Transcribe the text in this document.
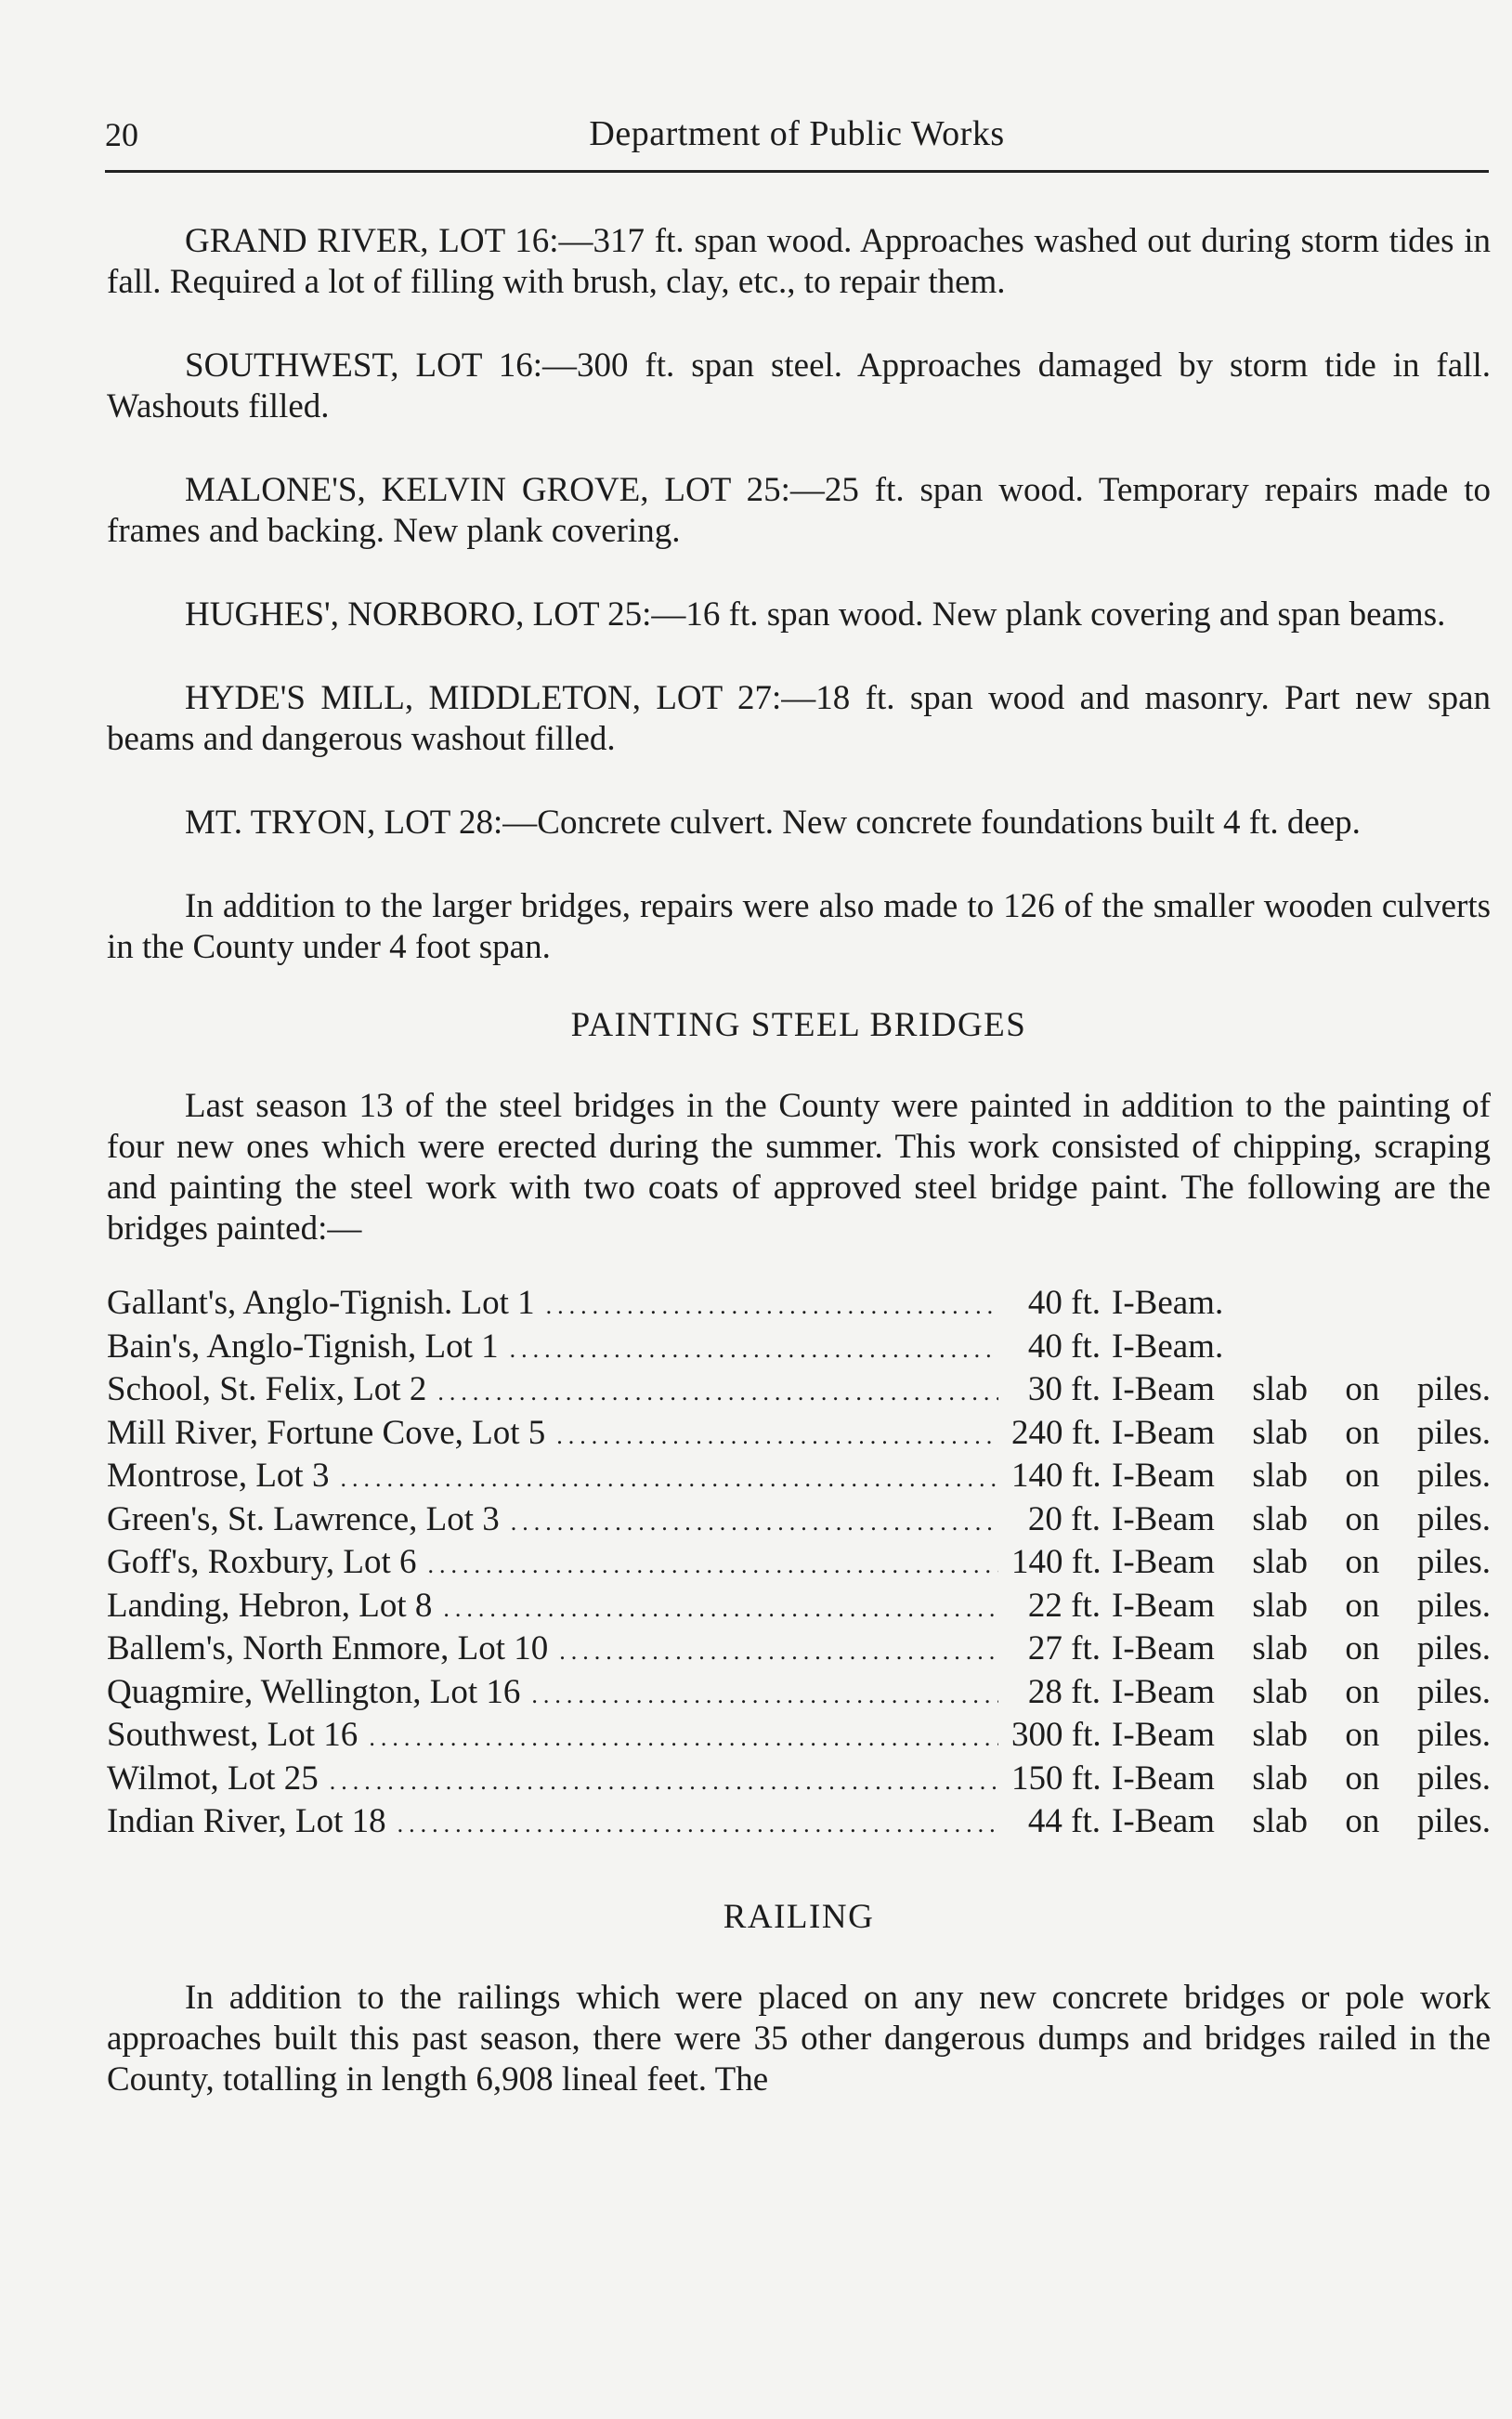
20	Department of Public Works

GRAND RIVER, LOT 16:—317 ft. span wood. Approaches washed out during storm tides in fall. Required a lot of filling with brush, clay, etc., to repair them.

SOUTHWEST, LOT 16:—300 ft. span steel. Approaches damaged by storm tide in fall. Washouts filled.

MALONE'S, KELVIN GROVE, LOT 25:—25 ft. span wood. Temporary repairs made to frames and backing. New plank covering.

HUGHES', NORBORO, LOT 25:—16 ft. span wood. New plank covering and span beams.

HYDE'S MILL, MIDDLETON, LOT 27:—18 ft. span wood and masonry. Part new span beams and dangerous washout filled.

MT. TRYON, LOT 28:—Concrete culvert. New concrete foundations built 4 ft. deep.

In addition to the larger bridges, repairs were also made to 126 of the smaller wooden culverts in the County under 4 foot span.

PAINTING STEEL BRIDGES

Last season 13 of the steel bridges in the County were painted in addition to the painting of four new ones which were erected during the summer. This work consisted of chipping, scraping and painting the steel work with two coats of approved steel bridge paint. The following are the bridges painted:—

Gallant's, Anglo-Tignish. Lot 1 .....	40 ft. I-Beam.
Bain's, Anglo-Tignish, Lot 1 .....	40 ft. I-Beam.
School, St. Felix, Lot 2 .....	30 ft. I-Beam slab on piles.
Mill River, Fortune Cove, Lot 5 .....	240 ft. I-Beam slab on piles.
Montrose, Lot 3 .....	140 ft. I-Beam slab on piles.
Green's, St. Lawrence, Lot 3 .....	20 ft. I-Beam slab on piles.
Goff's, Roxbury, Lot 6 .....	140 ft. I-Beam slab on piles.
Landing, Hebron, Lot 8 .....	22 ft. I-Beam slab on piles.
Ballem's, North Enmore, Lot 10 .....	27 ft. I-Beam slab on piles.
Quagmire, Wellington, Lot 16 .....	28 ft. I-Beam slab on piles.
Southwest, Lot 16 .....	300 ft. I-Beam slab on piles.
Wilmot, Lot 25 .....	150 ft. I-Beam slab on piles.
Indian River, Lot 18 .....	44 ft. I-Beam slab on piles.
RAILING

In addition to the railings which were placed on any new concrete bridges or pole work approaches built this past season, there were 35 other dangerous dumps and bridges railed in the County, totalling in length 6,908 lineal feet. The
